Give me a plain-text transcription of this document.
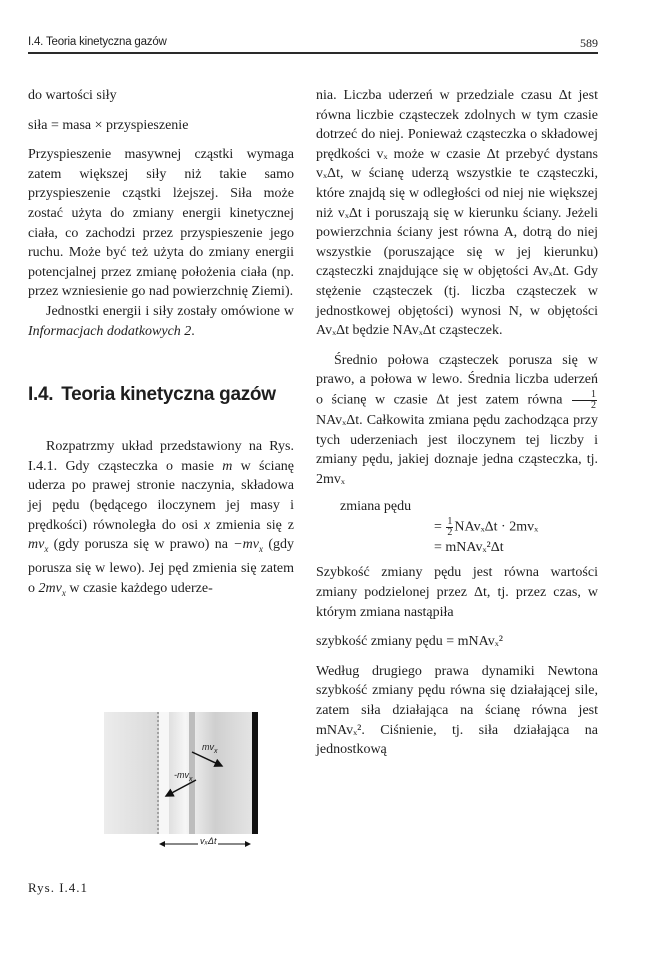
I.4. Teoria kinetyczna gazów	589

do wartości siły

siła = masa × przyspieszenie

Przyspieszenie masywnej cząstki wymaga zatem większej siły niż takie samo przyspieszenie cząstki lżejszej. Siła może zostać użyta do zmiany energii kinetycznej ciała, co zachodzi przez przyspieszenie jego ruchu. Może być też użyta do zmiany energii potencjalnej przez zmianę położenia ciała (np. przez wzniesienie go nad powierzchnię Ziemi).

Jednostki energii i siły zostały omówione w Informacjach dodatkowych 2.

I.4. Teoria kinetyczna gazów

Rozpatrzmy układ przedstawiony na Rys. I.4.1. Gdy cząsteczka o masie m w ścianę uderza po prawej stronie naczynia, składowa jej pędu (będącego iloczynem jej masy i prędkości) równoległa do osi x zmienia się z $mv_x$ (gdy porusza się w prawo) na $-mv_x$ (gdy porusza się w lewo). Jej pęd zmienia się zatem o $2mv_x$ w czasie każdego uderze-

$mv_x$
$-mv_x$
vₓΔt
Rys. I.4.1

nia. Liczba uderzeń w przedziale czasu Δt jest równa liczbie cząsteczek zdolnych w tym czasie dotrzeć do niej. Ponieważ cząsteczka o składowej prędkości vₓ może w czasie Δt przebyć dystans vₓΔt, w ścianę uderzą wszystkie te cząsteczki, które znajdą się w odległości od niej nie większej niż vₓΔt i poruszają się w kierunku ściany. Jeżeli powierzchnia ściany jest równa A, dotrą do niej wszystkie (poruszające się w jej kierunku) cząsteczki znajdujące się w objętości AvₓΔt. Gdy stężenie cząsteczek (tj. liczba cząsteczek w jednostkowej objętości) wynosi N, w objętości AvₓΔt będzie NAvₓΔt cząsteczek.

Średnio połowa cząsteczek porusza się w prawo, a połowa w lewo. Średnia liczba uderzeń o ścianę w czasie Δt jest zatem równa $\frac{1}{2}$
NAvₓΔt. Całkowita zmiana pędu zachodząca przy tych uderzeniach jest iloczynem tej liczby i zmiany pędu, jakiej doznaje jedna cząsteczka, tj. 2mvₓ

zmiana pędu
= $\frac{1}{2}$ NAvₓΔt · 2mvₓ
= mNAvₓ²Δt

Szybkość zmiany pędu jest równa wartości zmiany podzielonej przez Δt, tj. przez czas, w którym zmiana nastąpiła

szybkość zmiany pędu = mNAvₓ²

Według drugiego prawa dynamiki Newtona szybkość zmiany pędu równa się działającej sile, zatem siła działająca na ścianę równa jest mNAvₓ². Ciśnienie, tj. siła działająca na jednostkową
